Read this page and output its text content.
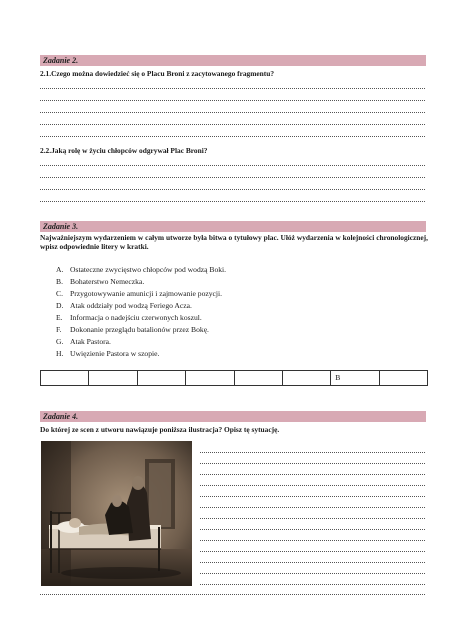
Zadanie 2.
2.1.Czego można dowiedzieć się o Placu Broni z zacytowanego fragmentu?
2.2.Jaką rolę w życiu chłopców odgrywał Plac Broni?
Zadanie 3.
Najważniejszym wydarzeniem w całym utworze była bitwa o tytułowy plac. Ułóż wydarzenia w kolejności chronologicznej, wpisz odpowiednie litery w kratki.
A. Ostateczne zwycięstwo chłopców pod wodzą Boki.
B. Bohaterstwo Nemeczka.
C. Przygotowywanie amunicji i zajmowanie pozycji.
D. Atak oddziały pod wodzą Feriego Acza.
E. Informacja o nadejściu czerwonych koszul.
F. Dokonanie przeglądu batalionów przez Bokę.
G. Atak Pastora.
H. Uwięzienie Pastora w szopie.
B
Zadanie 4.
Do której ze scen z utworu nawiązuje poniższa ilustracja? Opisz tę sytuację.
